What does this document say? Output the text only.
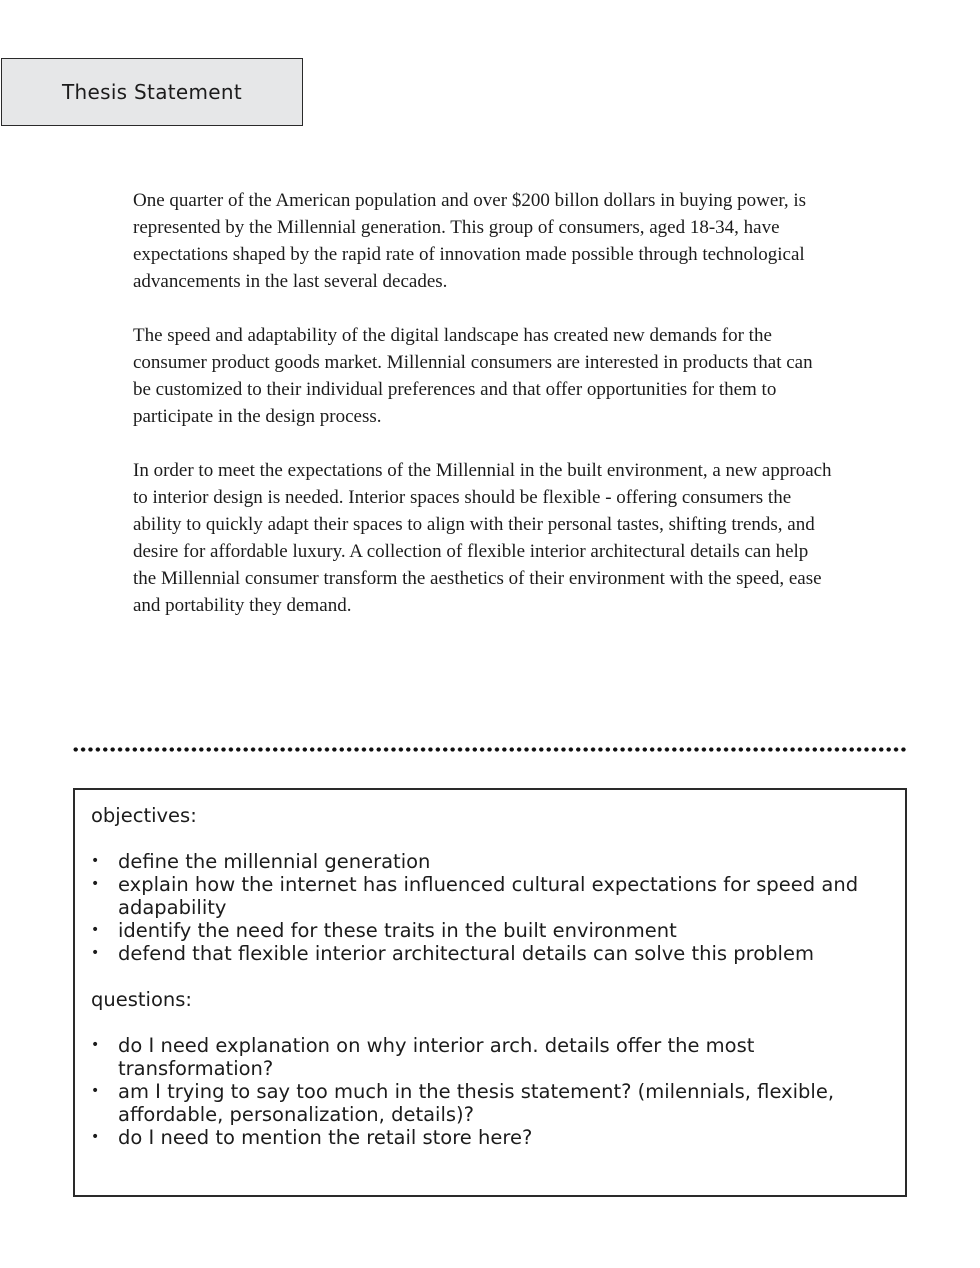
Thesis Statement

One quarter of the American population and over $200 billon dollars in buying power, is represented by the Millennial generation. This group of consumers, aged 18-34, have expectations shaped by the rapid rate of innovation made possible through technological advancements in the last several decades.

The speed and adaptability of the digital landscape has created new demands for the consumer product goods market. Millennial consumers are interested in products that can be customized to their individual preferences and that offer opportunities for them to participate in the design process.

In order to meet the expectations of the Millennial in the built environment, a new approach to interior design is needed. Interior spaces should be flexible - offering consumers the ability to quickly adapt their spaces to align with their personal tastes, shifting trends, and desire for affordable luxury. A collection of flexible interior architectural details can help the Millennial consumer transform the aesthetics of their environment with the speed, ease and portability they demand.

objectives:
• define the millennial generation
• explain how the internet has influenced cultural expectations for speed and adapability
• identify the need for these traits in the built environment
• defend that flexible interior architectural details can solve this problem
questions:
• do I need explanation on why interior arch. details offer the most transformation?
• am I trying to say too much in the thesis statement? (milennials, flexible, affordable, personalization, details)?
• do I need to mention the retail store here?
